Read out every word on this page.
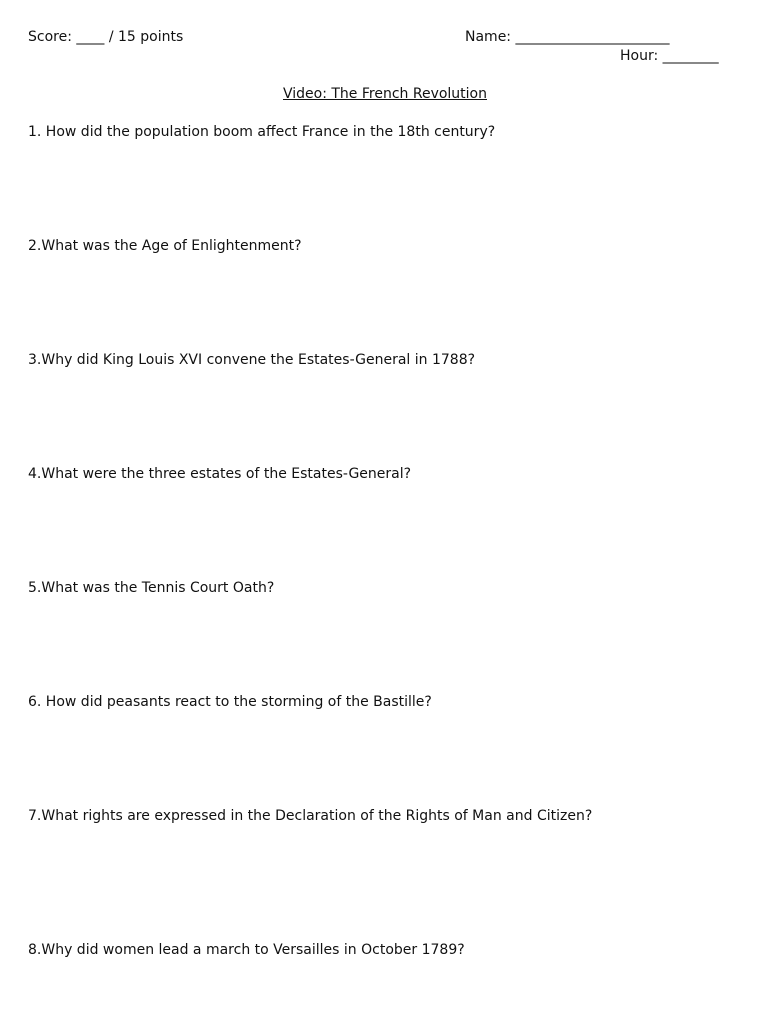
Score: ____ / 15 points	Name: ______________________
Hour: ________
Video: The French Revolution
1. How did the population boom affect France in the 18th century?
2.What was the Age of Enlightenment?
3.Why did King Louis XVI convene the Estates-General in 1788?
4.What were the three estates of the Estates-General?
5.What was the Tennis Court Oath?
6. How did peasants react to the storming of the Bastille?
7.What rights are expressed in the Declaration of the Rights of Man and Citizen?
8.Why did women lead a march to Versailles in October 1789?
